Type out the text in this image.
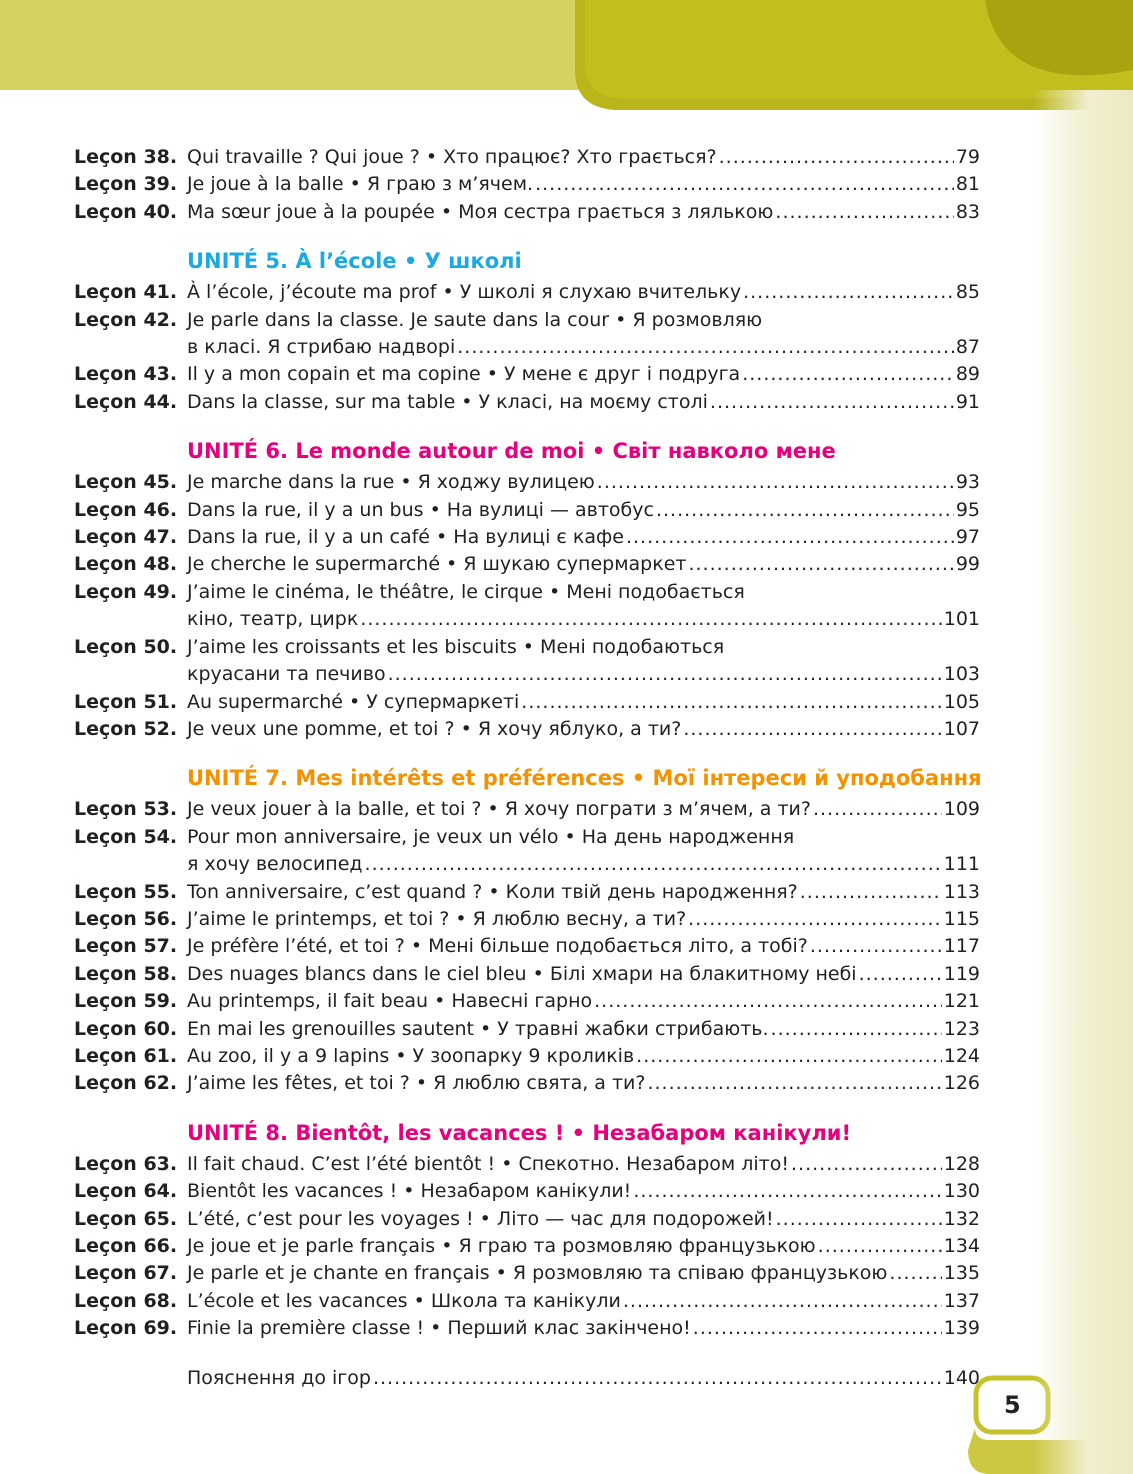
Leçon 38. Qui travaille ? Qui joue ? • Хто працює? Хто грається? .....	79
Leçon 39. Je joue à la balle • Я граю з м’ячем. .....	81
Leçon 40. Ma sœur joue à la poupée • Моя сестра грається з лялькою .....	83
UNITÉ 5. À l’école • У школі
Leçon 41. À l’école, j’écoute ma prof • У школі я слухаю вчительку .....	85
Leçon 42. Je parle dans la classe. Je saute dans la cour • Я розмовляю
в класі. Я стрибаю надворі .....	87
Leçon 43. Il y a mon copain et ma copine • У мене є друг і подруга .....	89
Leçon 44. Dans la classe, sur ma table • У класі, на моєму столі .....	91
UNITÉ 6. Le monde autour de moi • Світ навколо мене
Leçon 45. Je marche dans la rue • Я ходжу вулицею .....	93
Leçon 46. Dans la rue, il y a un bus • На вулиці — автобус .....	95
Leçon 47. Dans la rue, il y a un café • На вулиці є кафе .....	97
Leçon 48. Je cherche le supermarché • Я шукаю супермаркет .....	99
Leçon 49. J’aime le cinéma, le théâtre, le cirque • Мені подобається
кіно, театр, цирк .....	101
Leçon 50. J’aime les croissants et les biscuits • Мені подобаються
круасани та печиво .....	103
Leçon 51. Au supermarché • У супермаркеті .....	105
Leçon 52. Je veux une pomme, et toi ? • Я хочу яблуко, а ти? .....	107
UNITÉ 7. Mes intérêts et préférences • Мої інтереси й уподобання
Leçon 53. Je veux jouer à la balle, et toi ? • Я хочу пограти з м’ячем, а ти? .....	109
Leçon 54. Pour mon anniversaire, je veux un vélo • На день народження
я хочу велосипед .....	111
Leçon 55. Ton anniversaire, c’est quand ? • Коли твій день народження? .....	113
Leçon 56. J’aime le printemps, et toi ? • Я люблю весну, а ти? .....	115
Leçon 57. Je préfère l’été, et toi ? • Мені більше подобається літо, а тобі? .....	117
Leçon 58. Des nuages blancs dans le ciel bleu • Білі хмари на блакитному небі .....	119
Leçon 59. Au printemps, il fait beau • Навесні гарно .....	121
Leçon 60. En mai les grenouilles sautent • У травні жабки стрибають. .....	123
Leçon 61. Au zoo, il y a 9 lapins • У зоопарку 9 кроликів .....	124
Leçon 62. J’aime les fêtes, et toi ? • Я люблю свята, а ти? .....	126
UNITÉ 8. Bientôt, les vacances ! • Незабаром канікули!
Leçon 63. Il fait chaud. C’est l’été bientôt ! • Спекотно. Незабаром літо! .....	128
Leçon 64. Bientôt les vacances ! • Незабаром канікули! .....	130
Leçon 65. L’été, c’est pour les voyages ! • Літо — час для подорожей! .....	132
Leçon 66. Je joue et je parle français • Я граю та розмовляю французькою .....	134
Leçon 67. Je parle et je chante en français • Я розмовляю та співаю французькою .....	135
Leçon 68. L’école et les vacances • Школа та канікули .....	137
Leçon 69. Finie la première classe ! • Перший клас закінчено! .....	139
Пояснення до ігор .....	140
5
